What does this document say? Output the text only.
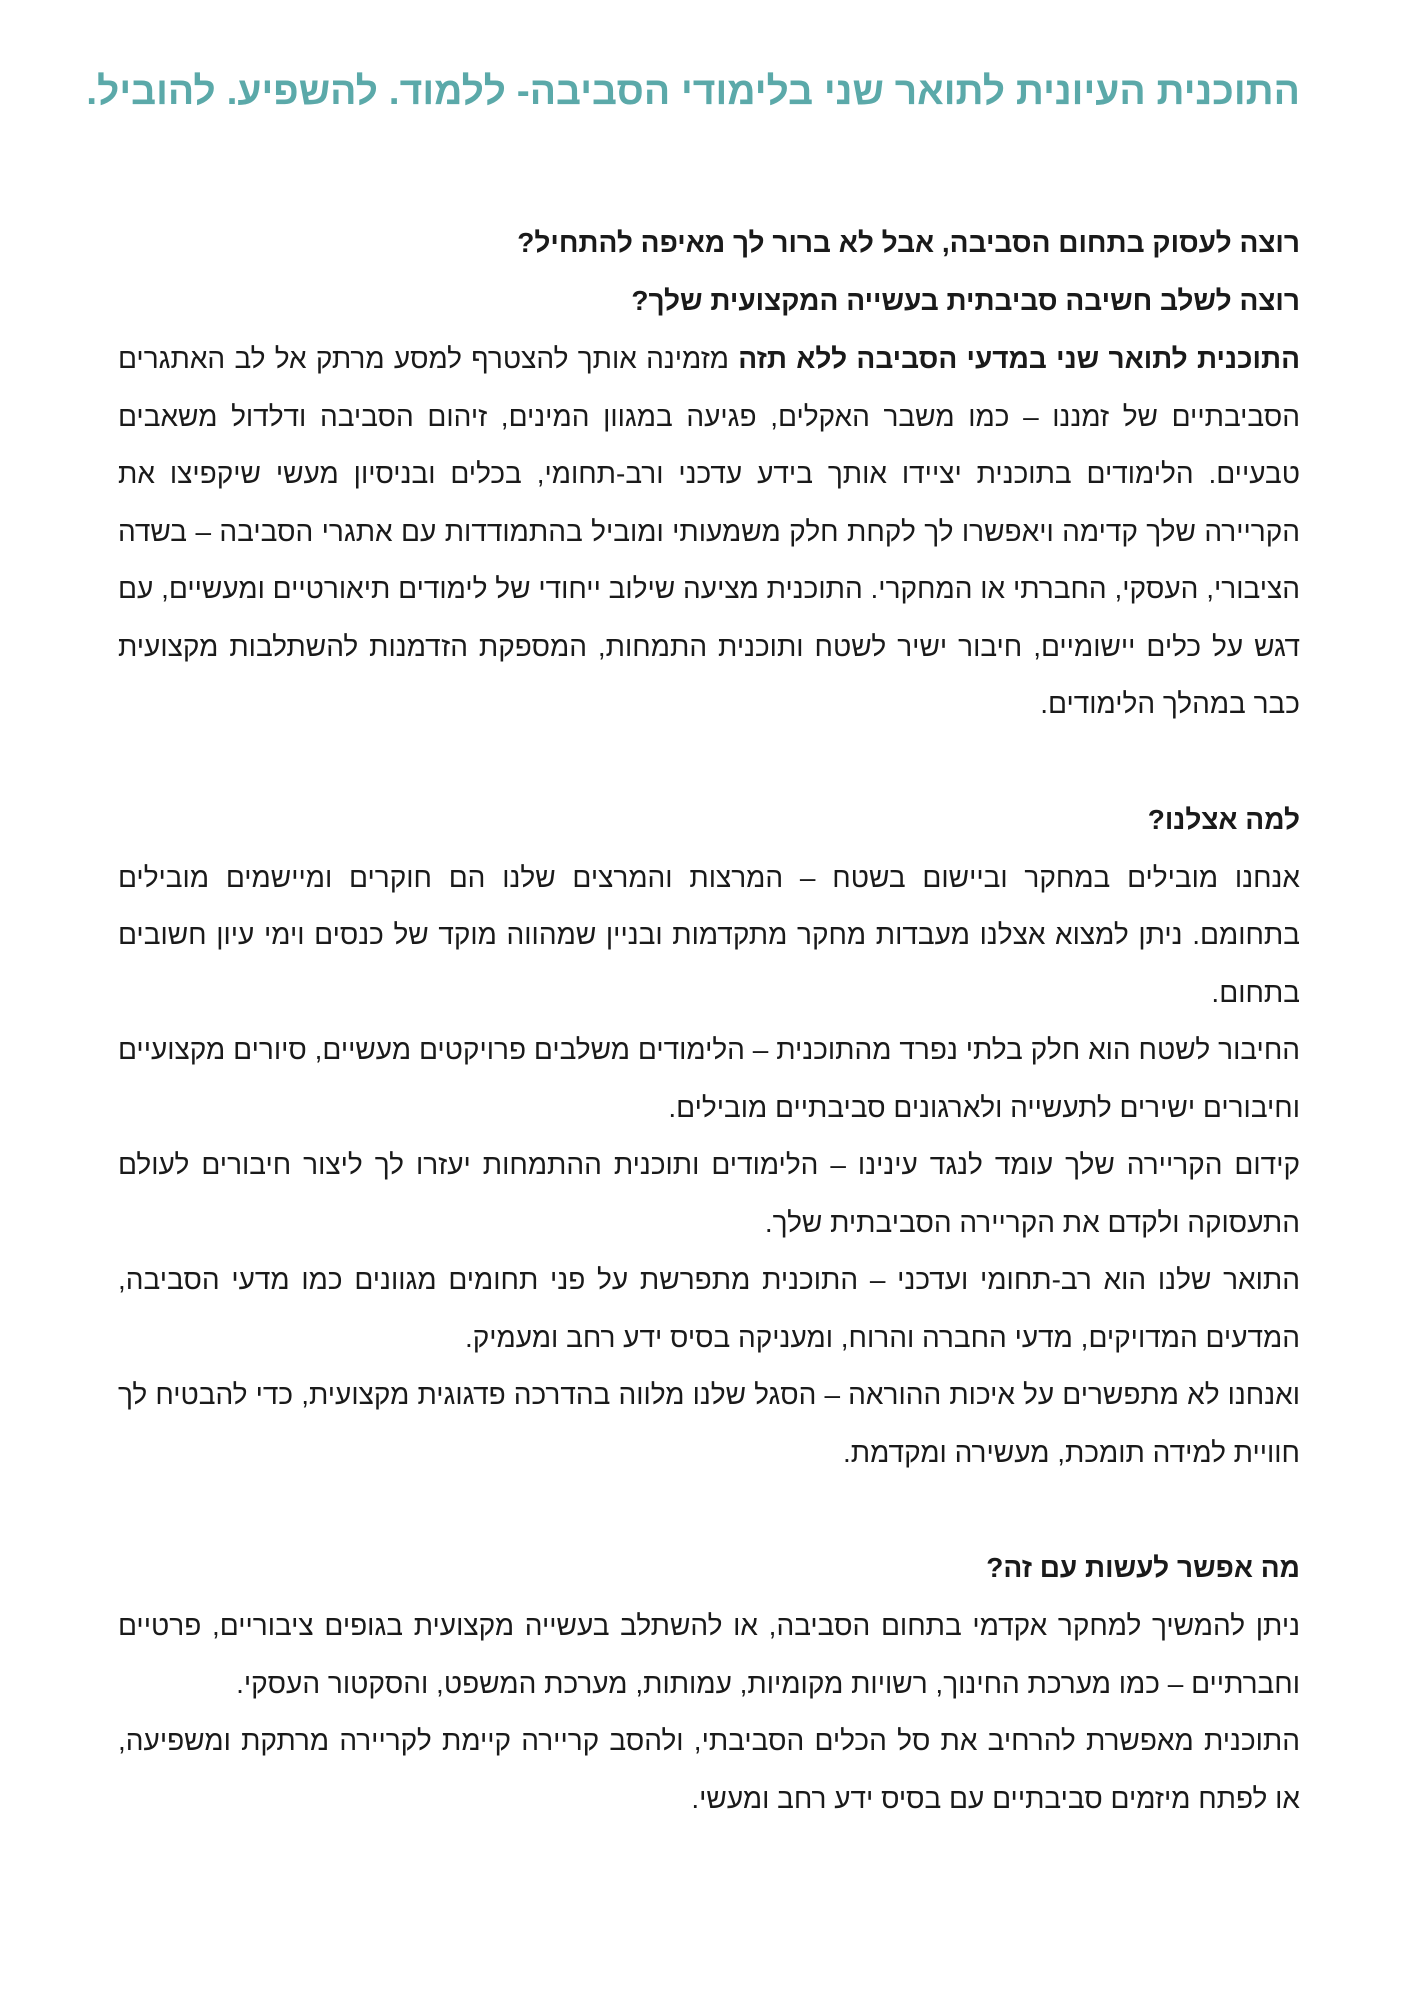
התוכנית העיונית לתואר שני בלימודי הסביבה- ללמוד. להשפיע. להוביל.
רוצה לעסוק בתחום הסביבה, אבל לא ברור לך מאיפה להתחיל?
רוצה לשלב חשיבה סביבתית בעשייה המקצועית שלך?

התוכנית לתואר שני במדעי הסביבה ללא תזה מזמינה אותך להצטרף למסע מרתק אל לב האתגרים הסביבתיים של זמננו – כמו משבר האקלים, פגיעה במגוון המינים, זיהום הסביבה ודלדול משאבים טבעיים. הלימודים בתוכנית יציידו אותך בידע עדכני ורב-תחומי, בכלים ובניסיון מעשי שיקפיצו את הקריירה שלך קדימה ויאפשרו לך לקחת חלק משמעותי ומוביל בהתמודדות עם אתגרי הסביבה – בשדה הציבורי, העסקי, החברתי או המחקרי. התוכנית מציעה שילוב ייחודי של לימודים תיאורטיים ומעשיים, עם דגש על כלים יישומיים, חיבור ישיר לשטח ותוכנית התמחות, המספקת הזדמנות להשתלבות מקצועית כבר במהלך הלימודים.

למה אצלנו?

אנחנו מובילים במחקר וביישום בשטח – המרצות והמרצים שלנו הם חוקרים ומיישמים מובילים בתחומם. ניתן למצוא אצלנו מעבדות מחקר מתקדמות ובניין שמהווה מוקד של כנסים וימי עיון חשובים בתחום.

החיבור לשטח הוא חלק בלתי נפרד מהתוכנית – הלימודים משלבים פרויקטים מעשיים, סיורים מקצועיים וחיבורים ישירים לתעשייה ולארגונים סביבתיים מובילים.

קידום הקריירה שלך עומד לנגד עינינו – הלימודים ותוכנית ההתמחות יעזרו לך ליצור חיבורים לעולם התעסוקה ולקדם את הקריירה הסביבתית שלך.

התואר שלנו הוא רב-תחומי ועדכני – התוכנית מתפרשת על פני תחומים מגוונים כמו מדעי הסביבה, המדעים המדויקים, מדעי החברה והרוח, ומעניקה בסיס ידע רחב ומעמיק.

ואנחנו לא מתפשרים על איכות ההוראה – הסגל שלנו מלווה בהדרכה פדגוגית מקצועית, כדי להבטיח לך חוויית למידה תומכת, מעשירה ומקדמת.

מה אפשר לעשות עם זה?

ניתן להמשיך למחקר אקדמי בתחום הסביבה, או להשתלב בעשייה מקצועית בגופים ציבוריים, פרטיים וחברתיים – כמו מערכת החינוך, רשויות מקומיות, עמותות, מערכת המשפט, והסקטור העסקי.

התוכנית מאפשרת להרחיב את סל הכלים הסביבתי, ולהסב קריירה קיימת לקריירה מרתקת ומשפיעה, או לפתח מיזמים סביבתיים עם בסיס ידע רחב ומעשי.
